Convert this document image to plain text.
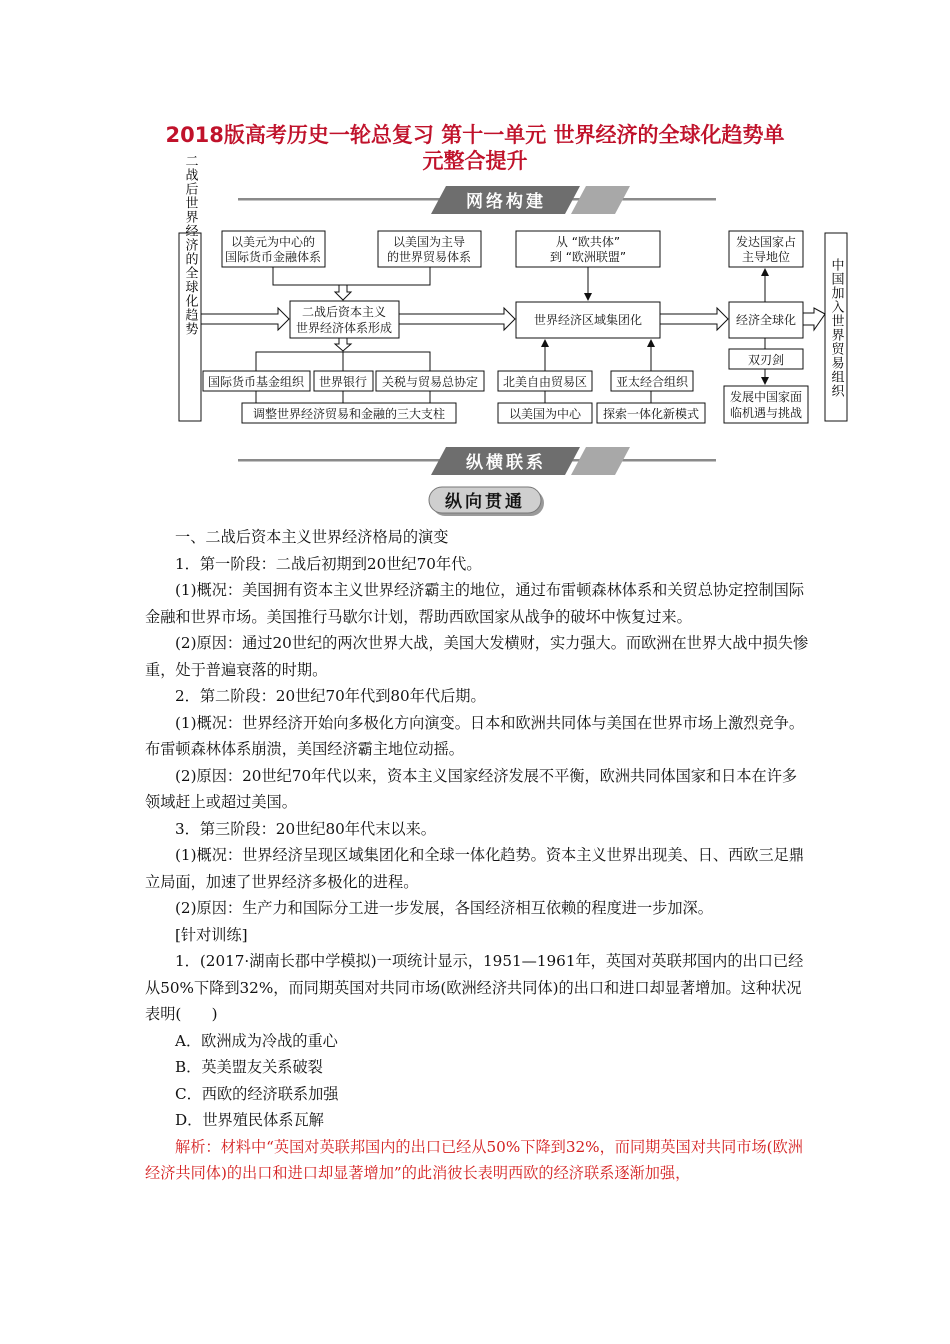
2018版高考历史一轮总复习 第十一单元 世界经济的全球化趋势单
元整合提升
网络构建
以美元为中心的
国际货币金融体系
以美国为主导
的世界贸易体系
二战后资本主义
世界经济体系形成
国际货币基金组织 世界银行 关税与贸易总协定
调整世界经济贸易和金融的三大支柱
从 “欧共体”
到 “欧洲联盟”
世界经济区域集团化
北美自由贸易区 亚太经合组织
以美国为中心 探索一体化新模式
发达国家占
主导地位
经济全球化
双刃剑
发展中国家面
临机遇与挑战
二战后世界经济的全球化趋势	中国加入世界贸易组织
纵横联系
纵向贯通

一、二战后资本主义世界经济格局的演变

1．第一阶段：二战后初期到20世纪70年代。

(1)概况：美国拥有资本主义世界经济霸主的地位，通过布雷顿森林体系和关贸总协定控制国际金融和世界市场。美国推行马歇尔计划，帮助西欧国家从战争的破坏中恢复过来。

(2)原因：通过20世纪的两次世界大战，美国大发横财，实力强大。而欧洲在世界大战中损失惨重，处于普遍衰落的时期。

2．第二阶段：20世纪70年代到80年代后期。

(1)概况：世界经济开始向多极化方向演变。日本和欧洲共同体与美国在世界市场上激烈竞争。布雷顿森林体系崩溃，美国经济霸主地位动摇。

(2)原因：20世纪70年代以来，资本主义国家经济发展不平衡，欧洲共同体国家和日本在许多领域赶上或超过美国。

3．第三阶段：20世纪80年代末以来。

(1)概况：世界经济呈现区域集团化和全球一体化趋势。资本主义世界出现美、日、西欧三足鼎立局面，加速了世界经济多极化的进程。

(2)原因：生产力和国际分工进一步发展，各国经济相互依赖的程度进一步加深。

[针对训练]

1．(2017·湖南长郡中学模拟)一项统计显示，1951—1961年，英国对英联邦国内的出口已经从50%下降到32%，而同期英国对共同市场(欧洲经济共同体)的出口和进口却显著增加。这种状况表明(　　)

A．欧洲成为冷战的重心

B．英美盟友关系破裂

C．西欧的经济联系加强

D．世界殖民体系瓦解

解析：材料中“英国对英联邦国内的出口已经从50%下降到32%，而同期英国对共同市场(欧洲经济共同体)的出口和进口却显著增加”的此消彼长表明西欧的经济联系逐渐加强，
